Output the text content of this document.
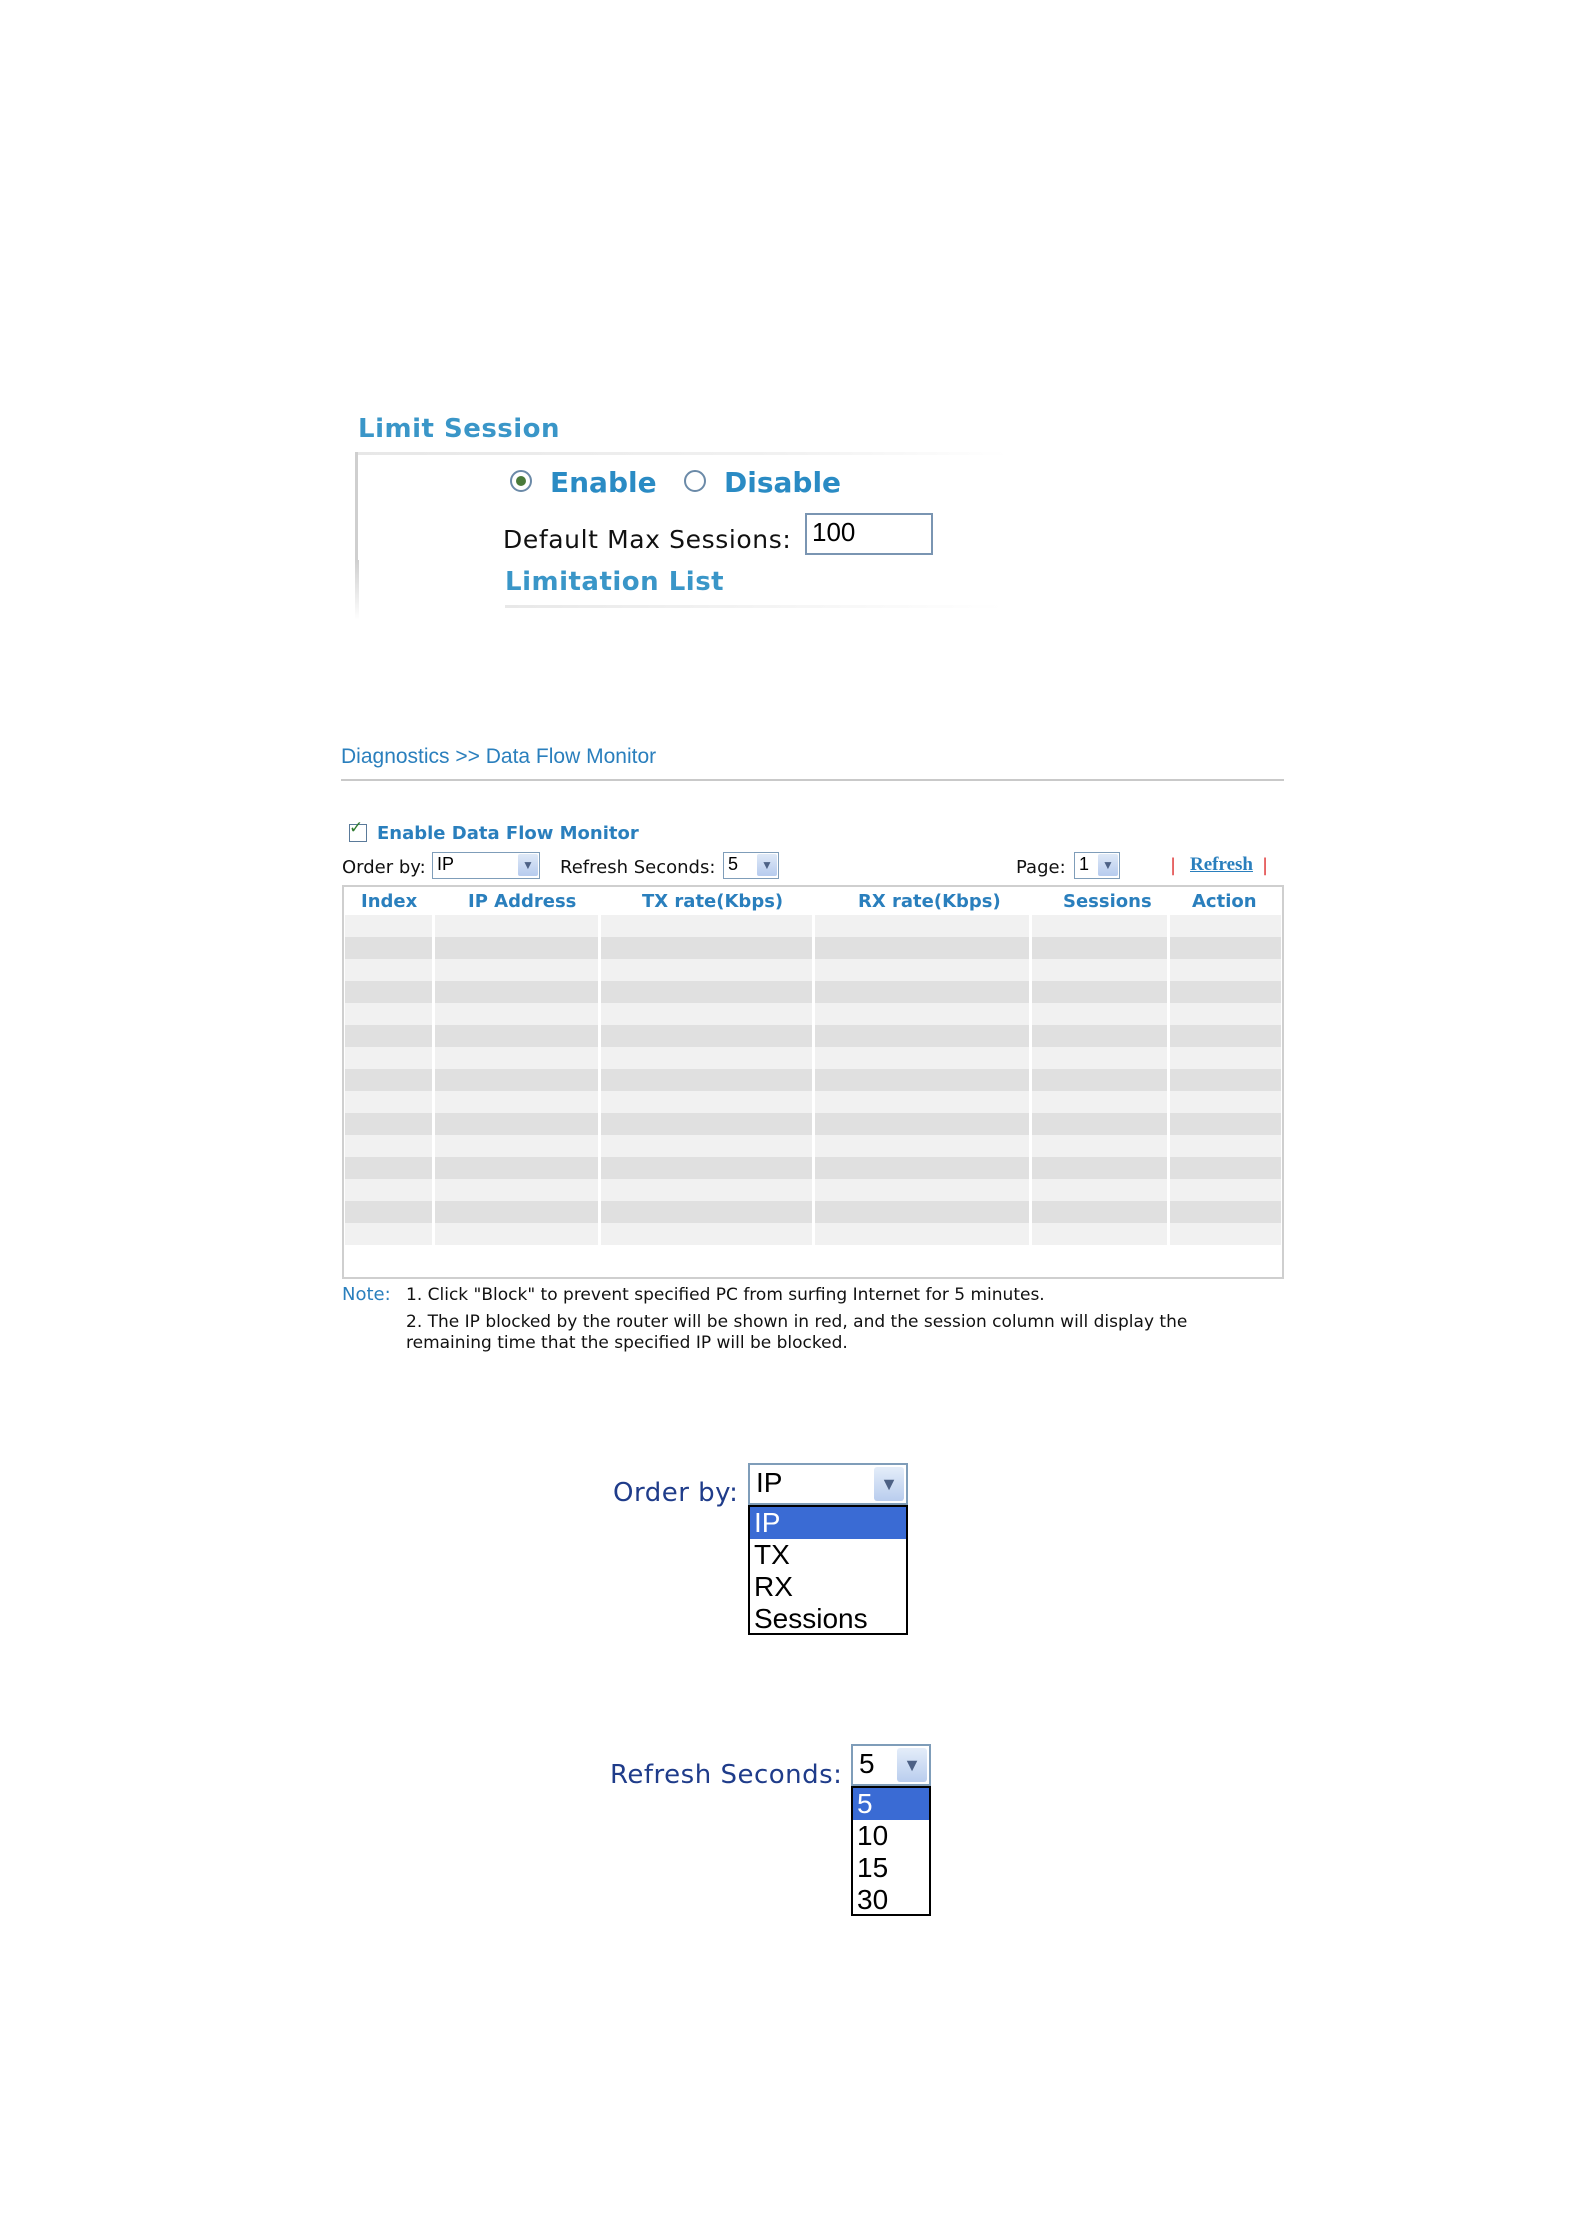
Limit Session
Enable Disable
Default Max Sessions: 100
Limitation List
Diagnostics >> Data Flow Monitor
✓ Enable Data Flow Monitor
Order by: IP	▼ Refresh Seconds: 5	▼	Page: 1	▼	| Refresh |
Index	IP Address	TX rate(Kbps)	RX rate(Kbps)	Sessions Action
Note: 1. Click "Block" to prevent specified PC from surfing Internet for 5 minutes.
2. The IP blocked by the router will be shown in red, and the session column will display the
remaining time that the specified IP will be blocked.
Order by: IP	▼
IP
TX
RX
Sessions
Refresh Seconds: 5	▼
5
10
15
30
